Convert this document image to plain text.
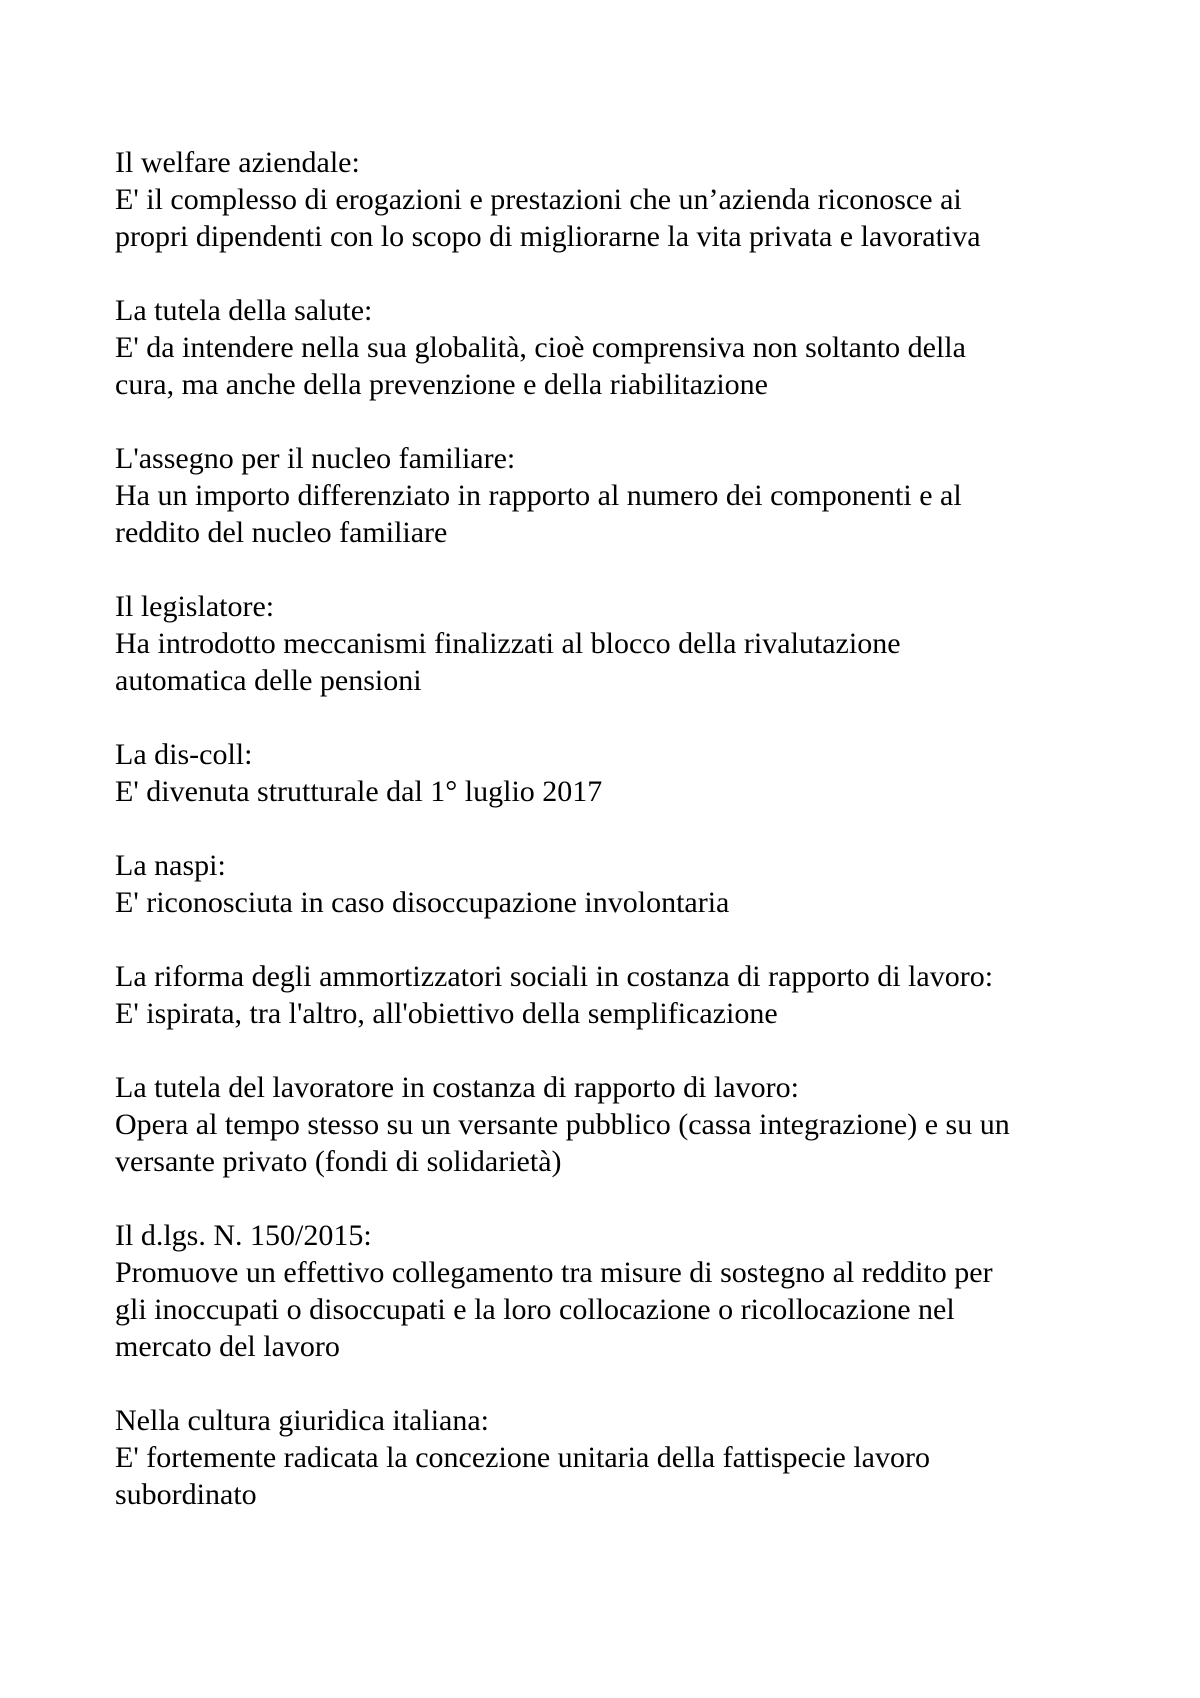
Il welfare aziendale:

E' il complesso di erogazioni e prestazioni che un’azienda riconosce ai

propri dipendenti con lo scopo di migliorarne la vita privata e lavorativa

La tutela della salute:

E' da intendere nella sua globalità, cioè comprensiva non soltanto della

cura, ma anche della prevenzione e della riabilitazione

L'assegno per il nucleo familiare:

Ha un importo differenziato in rapporto al numero dei componenti e al

reddito del nucleo familiare

Il legislatore:

Ha introdotto meccanismi finalizzati al blocco della rivalutazione

automatica delle pensioni

La dis-coll:

E' divenuta strutturale dal 1° luglio 2017

La naspi:

E' riconosciuta in caso disoccupazione involontaria

La riforma degli ammortizzatori sociali in costanza di rapporto di lavoro:

E' ispirata, tra l'altro, all'obiettivo della semplificazione

La tutela del lavoratore in costanza di rapporto di lavoro:

Opera al tempo stesso su un versante pubblico (cassa integrazione) e su un

versante privato (fondi di solidarietà)

Il d.lgs. N. 150/2015:

Promuove un effettivo collegamento tra misure di sostegno al reddito per

gli inoccupati o disoccupati e la loro collocazione o ricollocazione nel

mercato del lavoro

Nella cultura giuridica italiana:

E' fortemente radicata la concezione unitaria della fattispecie lavoro

subordinato
